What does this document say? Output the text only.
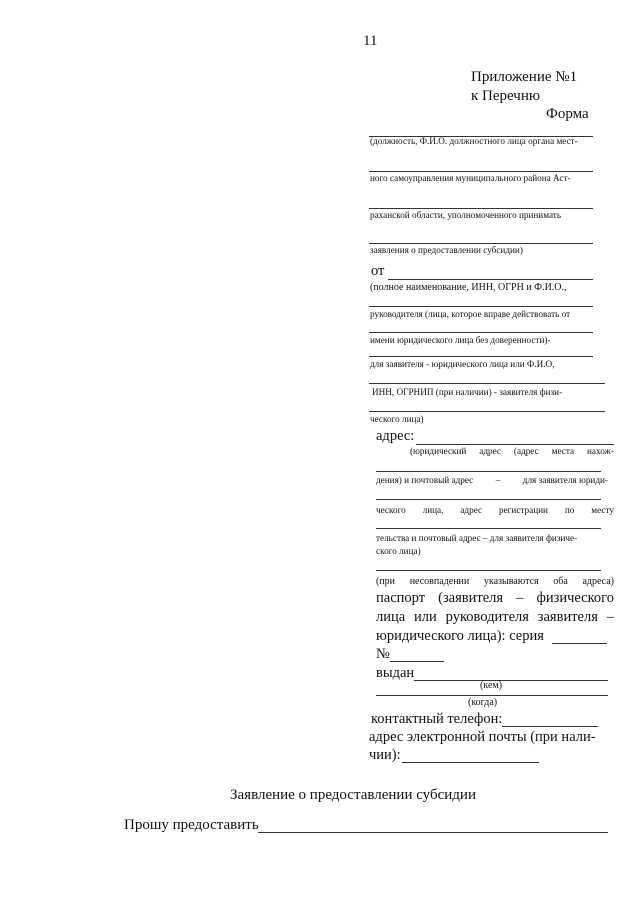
11
Приложение №1
к Перечню
Форма
(должность, Ф.И.О. должностного лица органа мест-
ного самоуправления муниципального района Аст-
раханской области, уполномоченного принимать
заявления о предоставлении субсидии)
от
(полное наименование, ИНН, ОГРН и Ф.И.О.,
руководителя (лица, которое вправе действовать от
имени юридического лица без доверенности)-
для заявителя - юридического лица или Ф.И.О,
ИНН, ОГРНИП (при наличии) - заявителя физи-
ческого лица)
адрес:
(юридический адрес (адрес места нахож-
дения) и почтовый адрес – для заявителя юриди-
ческого лица, адрес регистрации по месту
тельства и почтовый адрес – для заявителя физиче-
ского лица)
(при несовпадении указываются оба адреса)
паспорт (заявителя – физического
лица или руководителя заявителя –
юридического лица): серия
№
выдан
(кем)
(когда)
контактный телефон:
адрес электронной почты (при нали-
чии):
Заявление о предоставлении субсидии
Прошу предоставить
